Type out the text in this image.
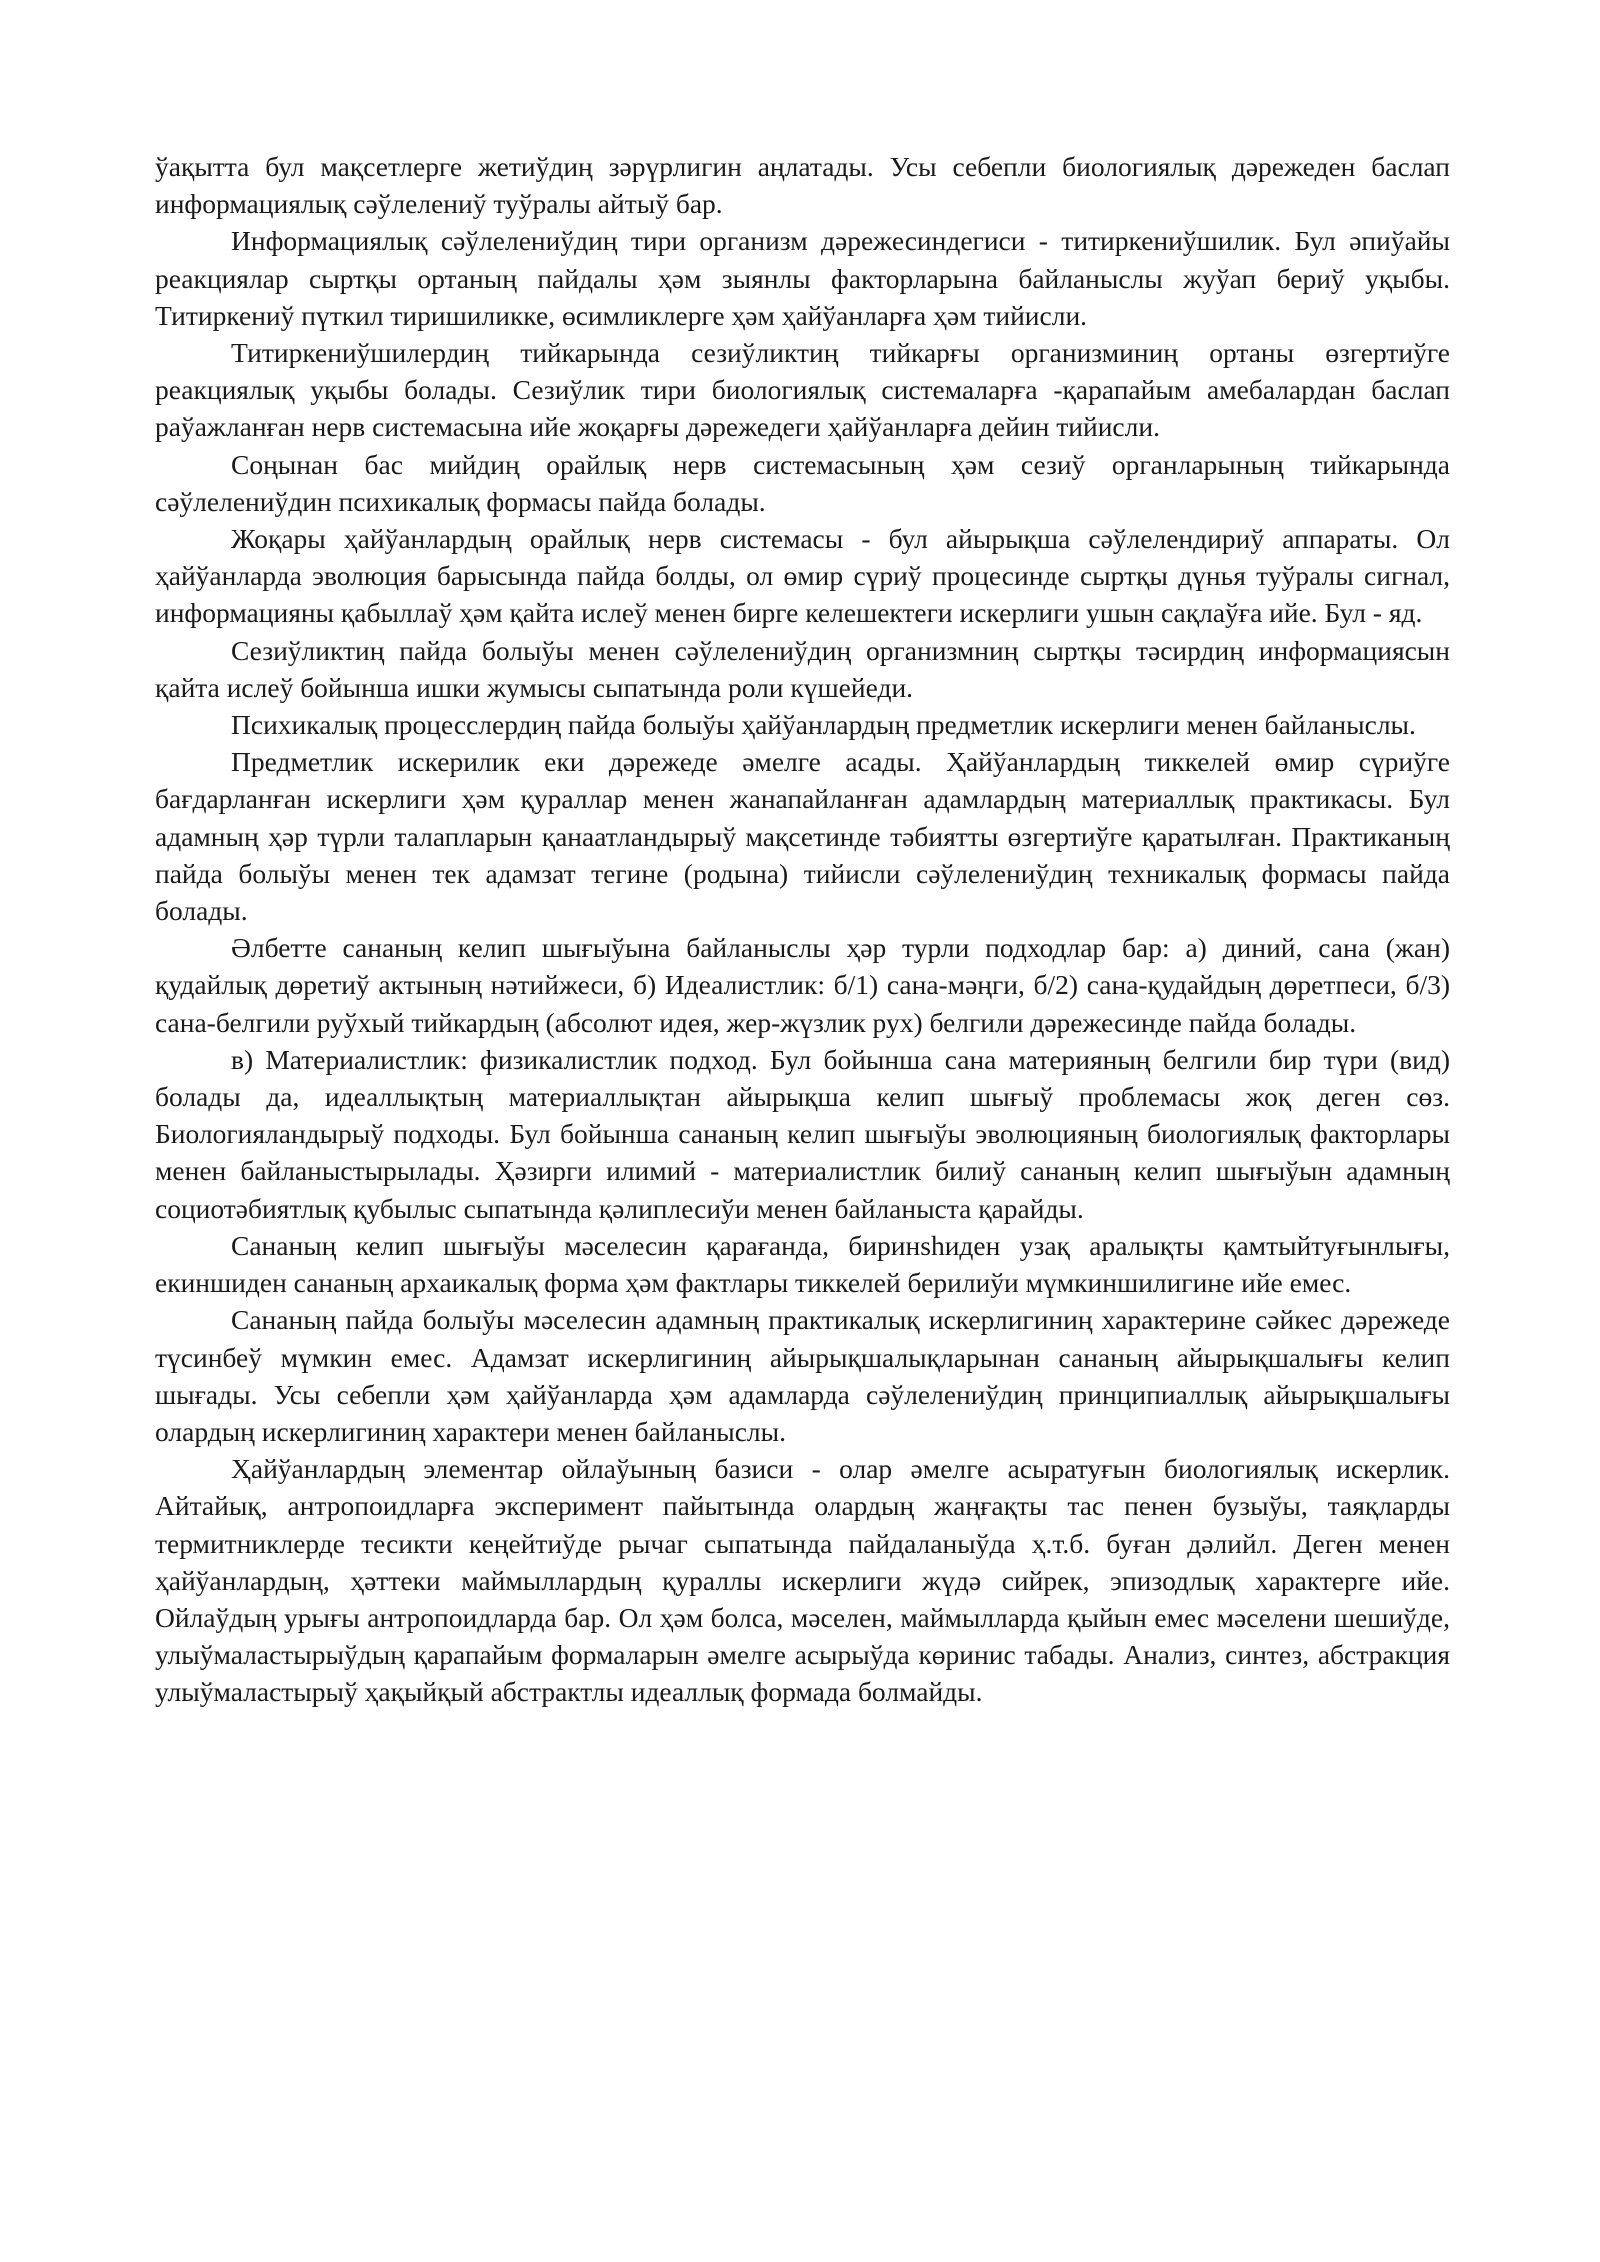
ўақытта бул мақсетлерге жетиўдиң зәрүрлигин аңлатады. Усы себепли биологиялық дәрежеден баслап информациялық сәўлелениў туўралы айтыў бар.

Информациялық сәўлелениўдиң тири организм дәрежесиндегиси - титиркениўшилик. Бул әпиўайы реакциялар сыртқы ортаның пайдалы ҳәм зыянлы факторларына байланыслы жуўап бериў уқыбы. Титиркениў пүткил тиришиликке, өсимликлерге ҳәм ҳайўанларға ҳәм тийисли.

Титиркениўшилердиң тийкарында сезиўликтиң тийкарғы организминиң ортаны өзгертиўге реакциялық уқыбы болады. Сезиўлик тири биологиялық системаларға -қарапайым амебалардан баслап раўажланған нерв системасына ийе жоқарғы дәрежедеги ҳайўанларға дейин тийисли.

Соңынан бас мийдиң орайлық нерв системасының ҳәм сезиў органларының тийкарында сәўлелениўдин психикалық формасы пайда болады.

Жоқары ҳайўанлардың орайлық нерв системасы - бул айырықша сәўлелендириў аппараты. Ол ҳайўанларда эволюция барысында пайда болды, ол өмир сүриў процесинде сыртқы дүнья туўралы сигнал, информацияны қабыллаў ҳәм қайта ислеў менен бирге келешектеги искерлиги ушын сақлаўға ийе. Бул - яд.

Сезиўликтиң пайда болыўы менен сәўлелениўдиң организмниң сыртқы тәсирдиң информациясын қайта ислеў бойынша ишки жумысы сыпатында роли күшейеди.

Психикалық процесслердиң пайда болыўы ҳайўанлардың предметлик искерлиги менен байланыслы.

Предметлик искерилик еки дәрежеде әмелге асады. Ҳайўанлардың тиккелей өмир сүриўге бағдарланған искерлиги ҳәм қураллар менен жанапайланған адамлардың материаллық практикасы. Бул адамның ҳәр түрли талапларын қанаатландырыў мақсетинде тәбиятты өзгертиўге қаратылған. Практиканың пайда болыўы менен тек адамзат тегине (родына) тийисли сәўлелениўдиң техникалық формасы пайда болады.

Әлбетте сананың келип шығыўына байланыслы ҳәр турли подходлар бар: а) диний, сана (жан) қудайлық дөретиў актының нәтийжеси, б) Идеалистлик: б/1) сана-мәңги, б/2) сана-қудайдың дөретпеси, б/3) сана-белгили руўхый тийкардың (абсолют идея, жер-жүзлик рух) белгили дәрежесинде пайда болады.

в) Материалистлик: физикалистлик подход. Бул бойынша сана материяның белгили бир түри (вид) болады да, идеаллықтың материаллықтан айырықша келип шығыў проблемасы жоқ деген сөз. Биологияландырыў подходы. Бул бойынша сананың келип шығыўы эволюцияның биологиялық факторлары менен байланыстырылады. Ҳәзирги илимий - материалистлик билиў сананың келип шығыўын адамның социотәбиятлық қубылыс сыпатында қәлиплесиўи менен байланыста қарайды.

Сананың келип шығыўы мәселесин қарағанда, биринshиден узақ аралықты қамтыйтуғынлығы, екиншиден сананың архаикалық форма ҳәм фактлары тиккелей берилиўи мүмкиншилигине ийе емес.

Сананың пайда болыўы мәселесин адамның практикалық искерлигиниң характерине сәйкес дәрежеде түсинбеў мүмкин емес. Адамзат искерлигиниң айырықшалықларынан сананың айырықшалығы келип шығады. Усы себепли ҳәм ҳайўанларда ҳәм адамларда сәўлелениўдиң принципиаллық айырықшалығы олардың искерлигиниң характери менен байланыслы.

Ҳайўанлардың элементар ойлаўының базиси - олар әмелге асыратуғын биологиялық искерлик. Айтайық, антропоидларға эксперимент пайытында олардың жаңғақты тас пенен бузыўы, таяқларды термитниклерде тесикти кеңейтиўде рычаг сыпатында пайдаланыўда ҳ.т.б. буған дәлийл. Деген менен ҳайўанлардың, ҳәттеки маймыллардың қураллы искерлиги жүдә сийрек, эпизодлық характерге ийе. Ойлаўдың урығы антропоидларда бар. Ол ҳәм болса, мәселен, маймылларда қыйын емес мәселени шешиўде, улыўмаластырыўдың қарапайым формаларын әмелге асырыўда көринис табады. Анализ, синтез, абстракция улыўмаластырыў ҳақыйқый абстрактлы идеаллық формада болмайды.
